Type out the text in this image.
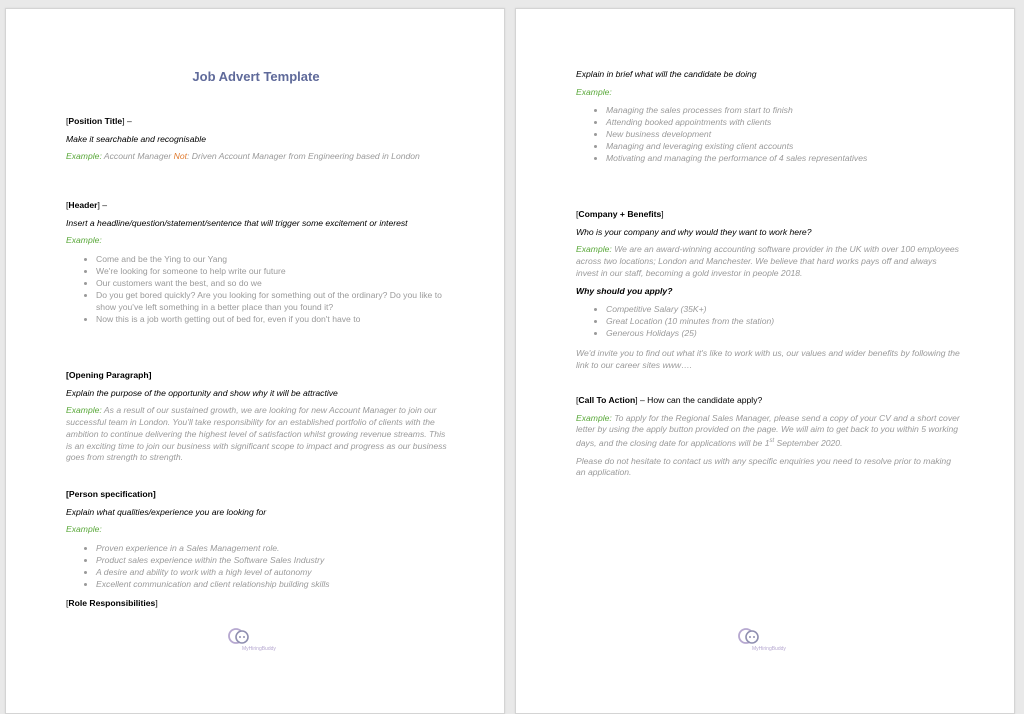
Job Advert Template
[Position Title] –
Make it searchable and recognisable
Example: Account Manager Not: Driven Account Manager from Engineering based in London
[Header] –
Insert a headline/question/statement/sentence that will trigger some excitement or interest
Example:
• Come and be the Ying to our Yang
• We're looking for someone to help write our future
• Our customers want the best, and so do we
• Do you get bored quickly? Are you looking for something out of the ordinary? Do you like to show you've left something in a better place than you found it?
• Now this is a job worth getting out of bed for, even if you don't have to
[Opening Paragraph]
Explain the purpose of the opportunity and show why it will be attractive
Example: As a result of our sustained growth, we are looking for new Account Manager to join our successful team in London. You'll take responsibility for an established portfolio of clients with the ambition to continue delivering the highest level of satisfaction whilst growing revenue streams. This is an exciting time to join our business with significant scope to impact and progress as our business goes from strength to strength.
[Person specification]
Explain what qualities/experience you are looking for
Example:
• Proven experience in a Sales Management role.
• Product sales experience within the Software Sales Industry
• A desire and ability to work with a high level of autonomy
• Excellent communication and client relationship building skills
[Role Responsibilities]
MyHiringBuddy
Explain in brief what will the candidate be doing
Example:
• Managing the sales processes from start to finish
• Attending booked appointments with clients
• New business development
• Managing and leveraging existing client accounts
• Motivating and managing the performance of 4 sales representatives
[Company + Benefits]
Who is your company and why would they want to work here?
Example: We are an award-winning accounting software provider in the UK with over 100 employees across two locations; London and Manchester. We believe that hard works pays off and always invest in our staff, becoming a gold investor in people 2018.
Why should you apply?
• Competitive Salary (35K+)
• Great Location (10 minutes from the station)
• Generous Holidays (25)
We'd invite you to find out what it's like to work with us, our values and wider benefits by following the link to our career sites www….
[Call To Action] – How can the candidate apply?
Example: To apply for the Regional Sales Manager, please send a copy of your CV and a short cover letter by using the apply button provided on the page. We will aim to get back to you within 5 working days, and the closing date for applications will be 1st September 2020.
Please do not hesitate to contact us with any specific enquiries you need to resolve prior to making an application.
MyHiringBuddy
